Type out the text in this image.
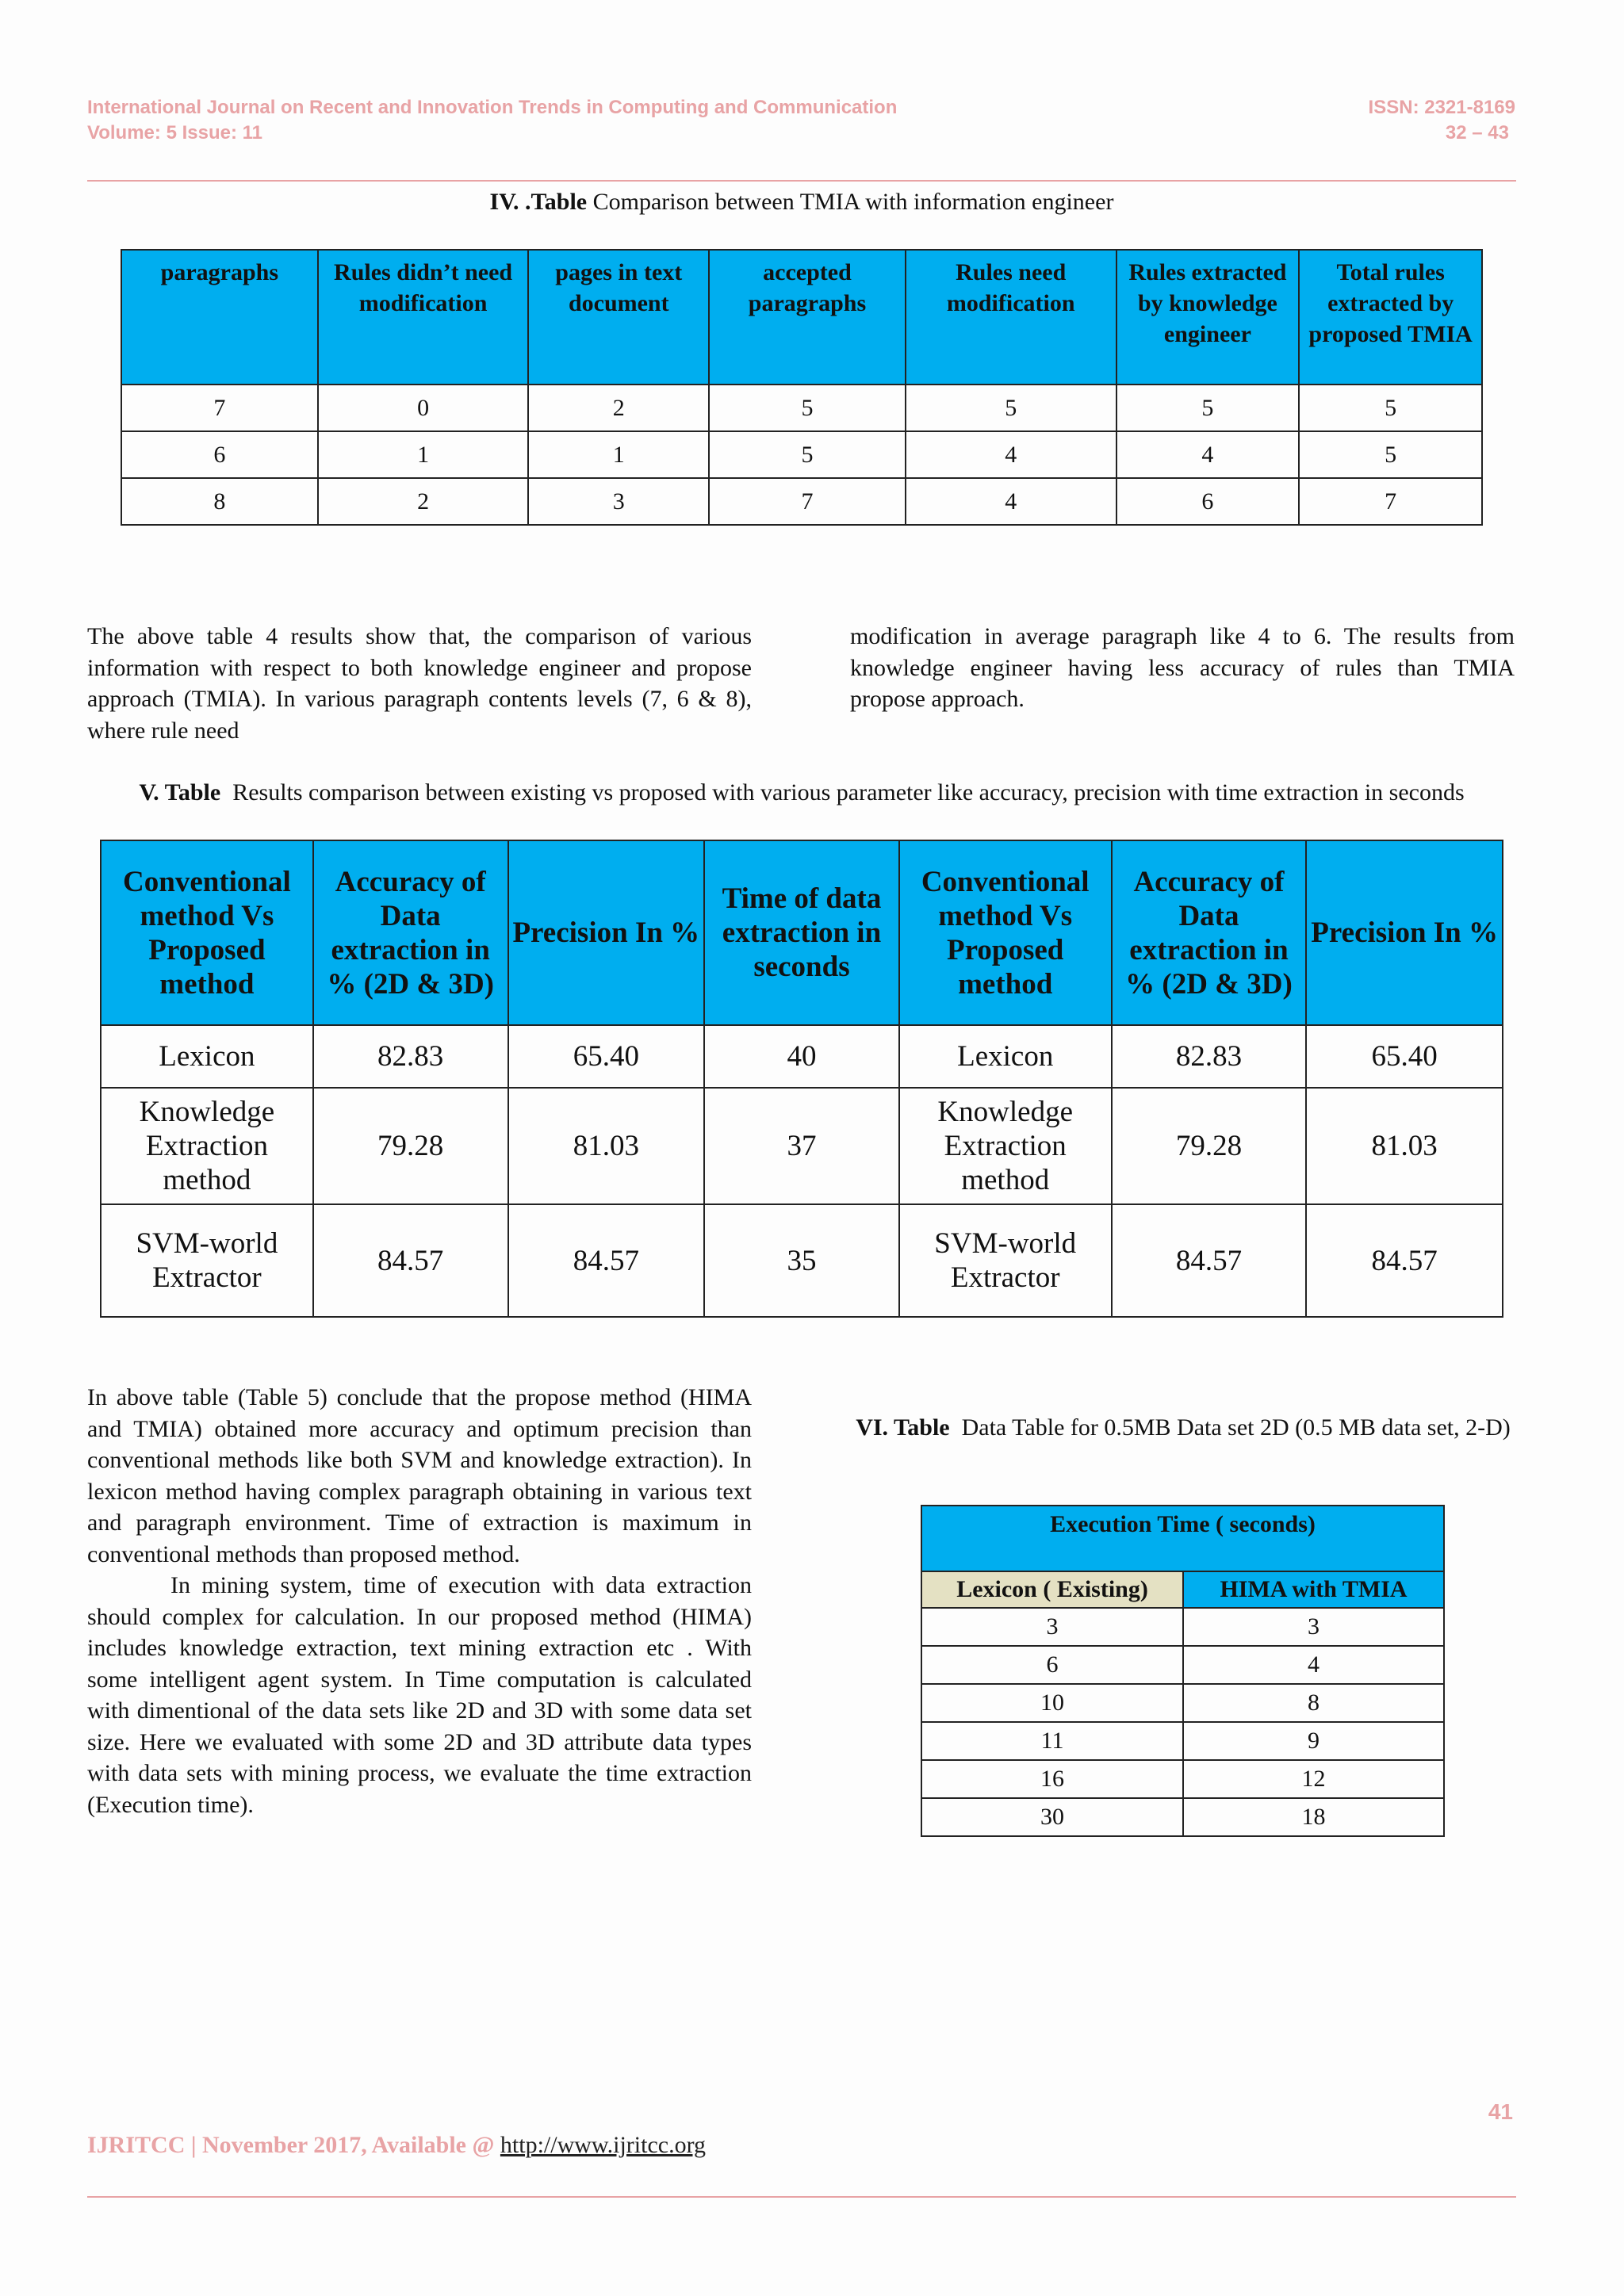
International Journal on Recent and Innovation Trends in Computing and Communication
Volume: 5 Issue: 11
ISSN: 2321-8169
32 – 43
IV. .Table Comparison between TMIA with information engineer
paragraphs	Rules didn’t need modification	pages in text document	accepted paragraphs	Rules need modification	Rules extracted by knowledge engineer	Total rules extracted by proposed TMIA
7	0	2	5	5	5	5
6	1	1	5	4	4	5
8	2	3	7	4	6	7

The above table 4 results show that, the comparison of various information with respect to both knowledge engineer and propose approach (TMIA). In various paragraph contents levels (7, 6 & 8), where rule need

modification in average paragraph like 4 to 6. The results from knowledge engineer having less accuracy of rules than TMIA propose approach.

V. Table Results comparison between existing vs proposed with various parameter like accuracy, precision with time extraction in seconds
Conventional method Vs Proposed method	Accuracy of Data extraction in % (2D & 3D)	Precision In %	Time of data extraction in seconds	Conventional method Vs Proposed method	Accuracy of Data extraction in % (2D & 3D)	Precision In %
Lexicon	82.83	65.40	40	Lexicon	82.83	65.40
Knowledge Extraction method	79.28	81.03	37	Knowledge Extraction method	79.28	81.03
SVM-world Extractor	84.57	84.57	35	SVM-world Extractor	84.57	84.57

In above table (Table 5) conclude that the propose method (HIMA and TMIA) obtained more accuracy and optimum precision than conventional methods like both SVM and knowledge extraction). In lexicon method having complex paragraph obtaining in various text and paragraph environment. Time of extraction is maximum in conventional methods than proposed method.

In mining system, time of execution with data extraction should complex for calculation. In our proposed method (HIMA) includes knowledge extraction, text mining extraction etc . With some intelligent agent system. In Time computation is calculated with dimentional of the data sets like 2D and 3D with some data set size. Here we evaluated with some 2D and 3D attribute data types with data sets with mining process, we evaluate the time extraction (Execution time).

VI. Table Data Table for 0.5MB Data set 2D (0.5 MB data set, 2-D)
Execution Time ( seconds)	
Lexicon ( Existing)	HIMA with TMIA
3	3
6	4
10	8
11	9
16	12
30	18
41
IJRITCC | November 2017, Available @ http://www.ijritcc.org
